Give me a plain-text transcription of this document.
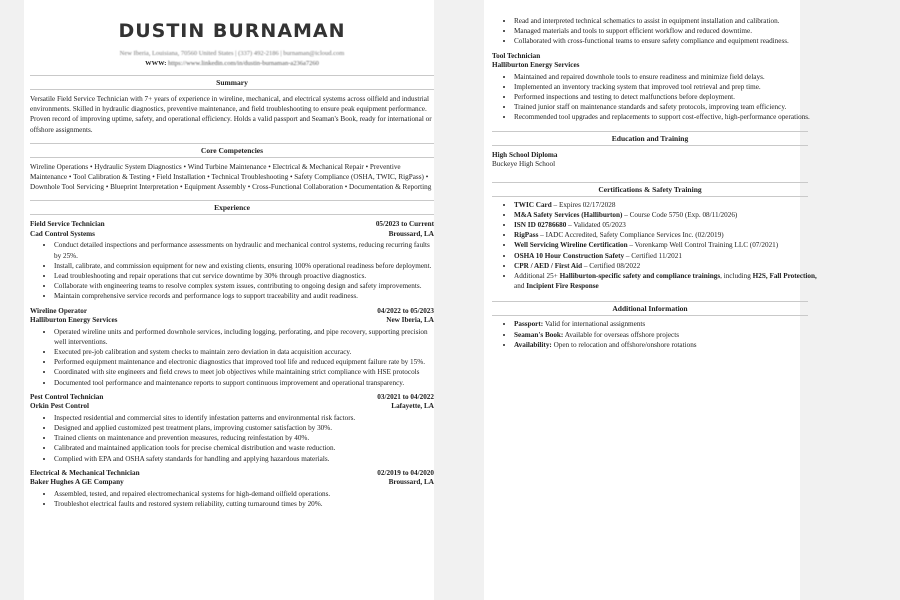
DUSTIN BURNAMAN
New Iberia, Louisiana, 70560 United States | (337) 492-2186 | burnaman@icloud.com
WWW: https://www.linkedin.com/in/dustin-burnaman-a236a7260
Summary
Versatile Field Service Technician with 7+ years of experience in wireline, mechanical, and electrical systems across oilfield and industrial environments. Skilled in hydraulic diagnostics, preventive maintenance, and field troubleshooting to ensure peak equipment performance. Proven record of improving uptime, safety, and operational efficiency. Holds a valid passport and Seaman's Book, ready for international or offshore assignments.
Core Competencies
Wireline Operations • Hydraulic System Diagnostics • Wind Turbine Maintenance • Electrical & Mechanical Repair • Preventive Maintenance • Tool Calibration & Testing • Field Installation • Technical Troubleshooting • Safety Compliance (OSHA, TWIC, RigPass) • Downhole Tool Servicing • Blueprint Interpretation • Equipment Assembly • Cross-Functional Collaboration • Documentation & Reporting
Experience
Field Service Technician	05/2023 to Current
Cad Control Systems	Broussard, LA
• Conduct detailed inspections and performance assessments on hydraulic and mechanical control systems, reducing recurring faults by 25%.
• Install, calibrate, and commission equipment for new and existing clients, ensuring 100% operational readiness before deployment.
• Lead troubleshooting and repair operations that cut service downtime by 30% through proactive diagnostics.
• Collaborate with engineering teams to resolve complex system issues, contributing to ongoing design and safety improvements.
• Maintain comprehensive service records and performance logs to support traceability and audit readiness.
Wireline Operator	04/2022 to 05/2023
Halliburton Energy Services	New Iberia, LA
• Operated wireline units and performed downhole services, including logging, perforating, and pipe recovery, supporting precision well interventions.
• Executed pre-job calibration and system checks to maintain zero deviation in data acquisition accuracy.
• Performed equipment maintenance and electronic diagnostics that improved tool life and reduced equipment failure rate by 15%.
• Coordinated with site engineers and field crews to meet job objectives while maintaining strict compliance with HSE protocols
• Documented tool performance and maintenance reports to support continuous improvement and operational transparency.
Pest Control Technician	03/2021 to 04/2022
Orkin Pest Control	Lafayette, LA
• Inspected residential and commercial sites to identify infestation patterns and environmental risk factors.
• Designed and applied customized pest treatment plans, improving customer satisfaction by 30%.
• Trained clients on maintenance and prevention measures, reducing reinfestation by 40%.
• Calibrated and maintained application tools for precise chemical distribution and waste reduction.
• Complied with EPA and OSHA safety standards for handling and applying hazardous materials.
Electrical & Mechanical Technician	02/2019 to 04/2020
Baker Hughes A GE Company	Broussard, LA
• Assembled, tested, and repaired electromechanical systems for high-demand oilfield operations.
• Troubleshot electrical faults and restored system reliability, cutting turnaround times by 20%.
• Read and interpreted technical schematics to assist in equipment installation and calibration.
• Managed materials and tools to support efficient workflow and reduced downtime.
• Collaborated with cross-functional teams to ensure safety compliance and equipment readiness.
Tool Technician
Halliburton Energy Services
• Maintained and repaired downhole tools to ensure readiness and minimize field delays.
• Implemented an inventory tracking system that improved tool retrieval and prep time.
• Performed inspections and testing to detect malfunctions before deployment.
• Trained junior staff on maintenance standards and safety protocols, improving team efficiency.
• Recommended tool upgrades and replacements to support cost-effective, high-performance operations.
Education and Training
High School Diploma
Buckeye High School
Certifications & Safety Training
• TWIC Card – Expires 02/17/2028
• M&A Safety Services (Halliburton) – Course Code 5750 (Exp. 08/11/2026)
• ISN ID 02786680 – Validated 05/2023
• RigPass – IADC Accredited, Safety Compliance Services Inc. (02/2019)
• Well Servicing Wireline Certification – Vorenkamp Well Control Training LLC (07/2021)
• OSHA 10 Hour Construction Safety – Certified 11/2021
• CPR / AED / First Aid – Certified 08/2022
• Additional 25+ Halliburton-specific safety and compliance trainings, including H2S, Fall Protection,
and Incipient Fire Response
Additional Information
• Passport: Valid for international assignments
• Seaman's Book: Available for overseas offshore projects
• Availability: Open to relocation and offshore/onshore rotations
